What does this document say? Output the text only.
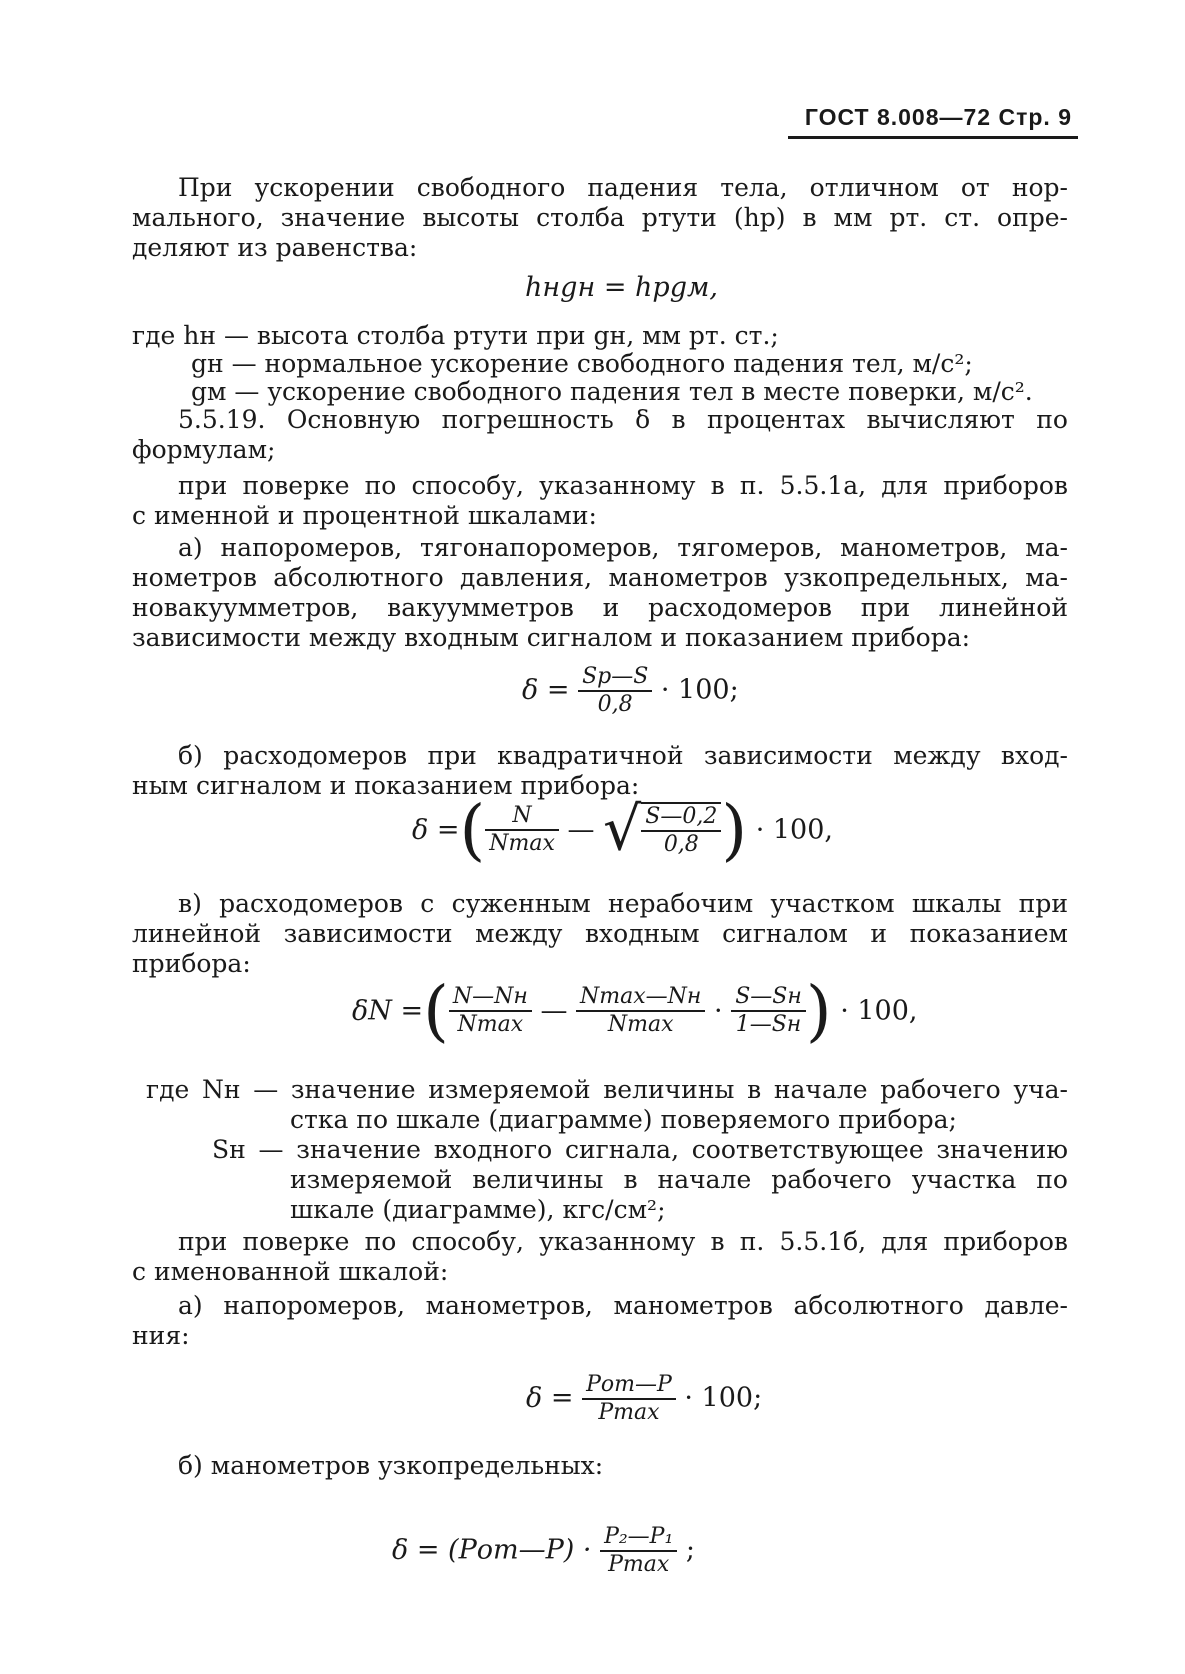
ГОСТ 8.008—72 Стр. 9
При ускорении свободного падения тела, отличном от нор-
мального, значение высоты столба ртути (hр) в мм рт. ст. опре-
деляют из равенства:
hнgн = hрgм,
где hн — высота столба ртути при gн, мм рт. ст.;
gн — нормальное ускорение свободного падения тел, м/с²;
gм — ускорение свободного падения тел в месте поверки, м/с².
5.5.19. Основную погрешность δ в процентах вычисляют по
формулам;
при поверке по способу, указанному в п. 5.5.1а, для приборов
с именной и процентной шкалами:
а) напоромеров, тягонапоромеров, тягомеров, манометров, ма-
нометров абсолютного давления, манометров узкопредельных, ма-
новакуумметров, вакуумметров и расходомеров при линейной
зависимости между входным сигналом и показанием прибора:
$\delta = \frac{Sр—S}{0,8} \cdot 100$;
б) расходомеров при квадратичной зависимости между вход-
ным сигналом и показанием прибора:
δ =( $\frac{N}{Nmax}$ — √ $\frac{S—0,2}{0,8}$ ) · 100,
в) расходомеров с суженным нерабочим участком шкалы при
линейной зависимости между входным сигналом и показанием
прибора:
δN =( $\frac{N—Nн}{Nmax}$ — $\frac{Nmax—Nн}{Nmax} \cdot \frac{S—Sн}{1—Sн}$ ) · 100,
где Nн — значение измеряемой величины в начале рабочего уча-
стка по шкале (диаграмме) поверяемого прибора;
Sн — значение входного сигнала, соответствующее значению
измеряемой величины в начале рабочего участка по
шкале (диаграмме), кгс/см²;
при поверке по способу, указанному в п. 5.5.1б, для приборов
с именованной шкалой:
а) напоромеров, манометров, манометров абсолютного давле-
ния:
$\delta = \frac{\text{Pот—P}}{Pmax} \cdot 100$;
б) манометров узкопредельных:
δ = (Pот—P) · $\frac{\text{P₂—P₁}}{Pmax}$ ;
